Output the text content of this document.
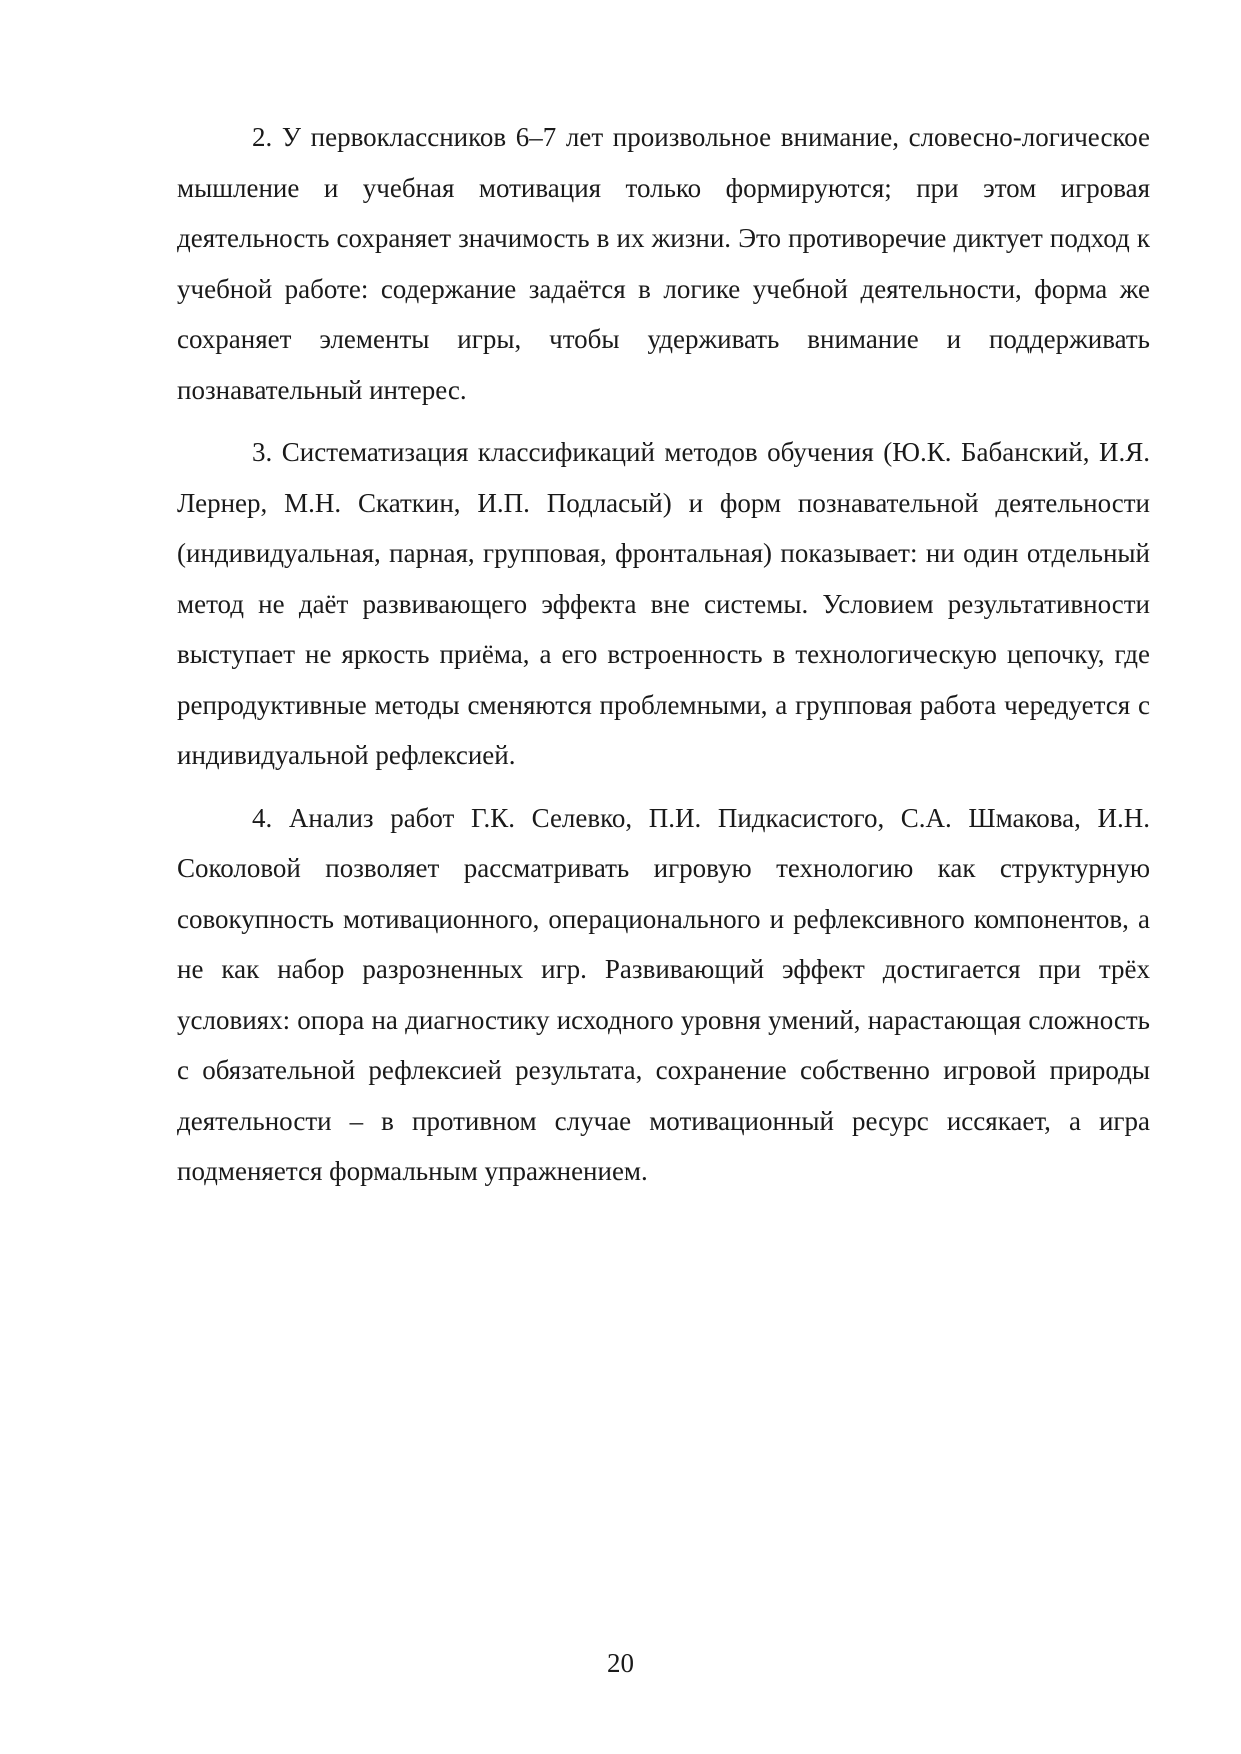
2. У первоклассников 6–7 лет произвольное внимание, словесно-логическое мышление и учебная мотивация только формируются; при этом игровая деятельность сохраняет значимость в их жизни. Это противоречие диктует подход к учебной работе: содержание задаётся в логике учебной деятельности, форма же сохраняет элементы игры, чтобы удерживать внимание и поддерживать познавательный интерес.

3. Систематизация классификаций методов обучения (Ю.К. Бабанский, И.Я. Лернер, М.Н. Скаткин, И.П. Подласый) и форм познавательной деятельности (индивидуальная, парная, групповая, фронтальная) показывает: ни один отдельный метод не даёт развивающего эффекта вне системы. Условием результативности выступает не яркость приёма, а его встроенность в технологическую цепочку, где репродуктивные методы сменяются проблемными, а групповая работа чередуется с индивидуальной рефлексией.

4. Анализ работ Г.К. Селевко, П.И. Пидкасистого, С.А. Шмакова, И.Н. Соколовой позволяет рассматривать игровую технологию как структурную совокупность мотивационного, операционального и рефлексивного компонентов, а не как набор разрозненных игр. Развивающий эффект достигается при трёх условиях: опора на диагностику исходного уровня умений, нарастающая сложность с обязательной рефлексией результата, сохранение собственно игровой природы деятельности – в противном случае мотивационный ресурс иссякает, а игра подменяется формальным упражнением.

20
